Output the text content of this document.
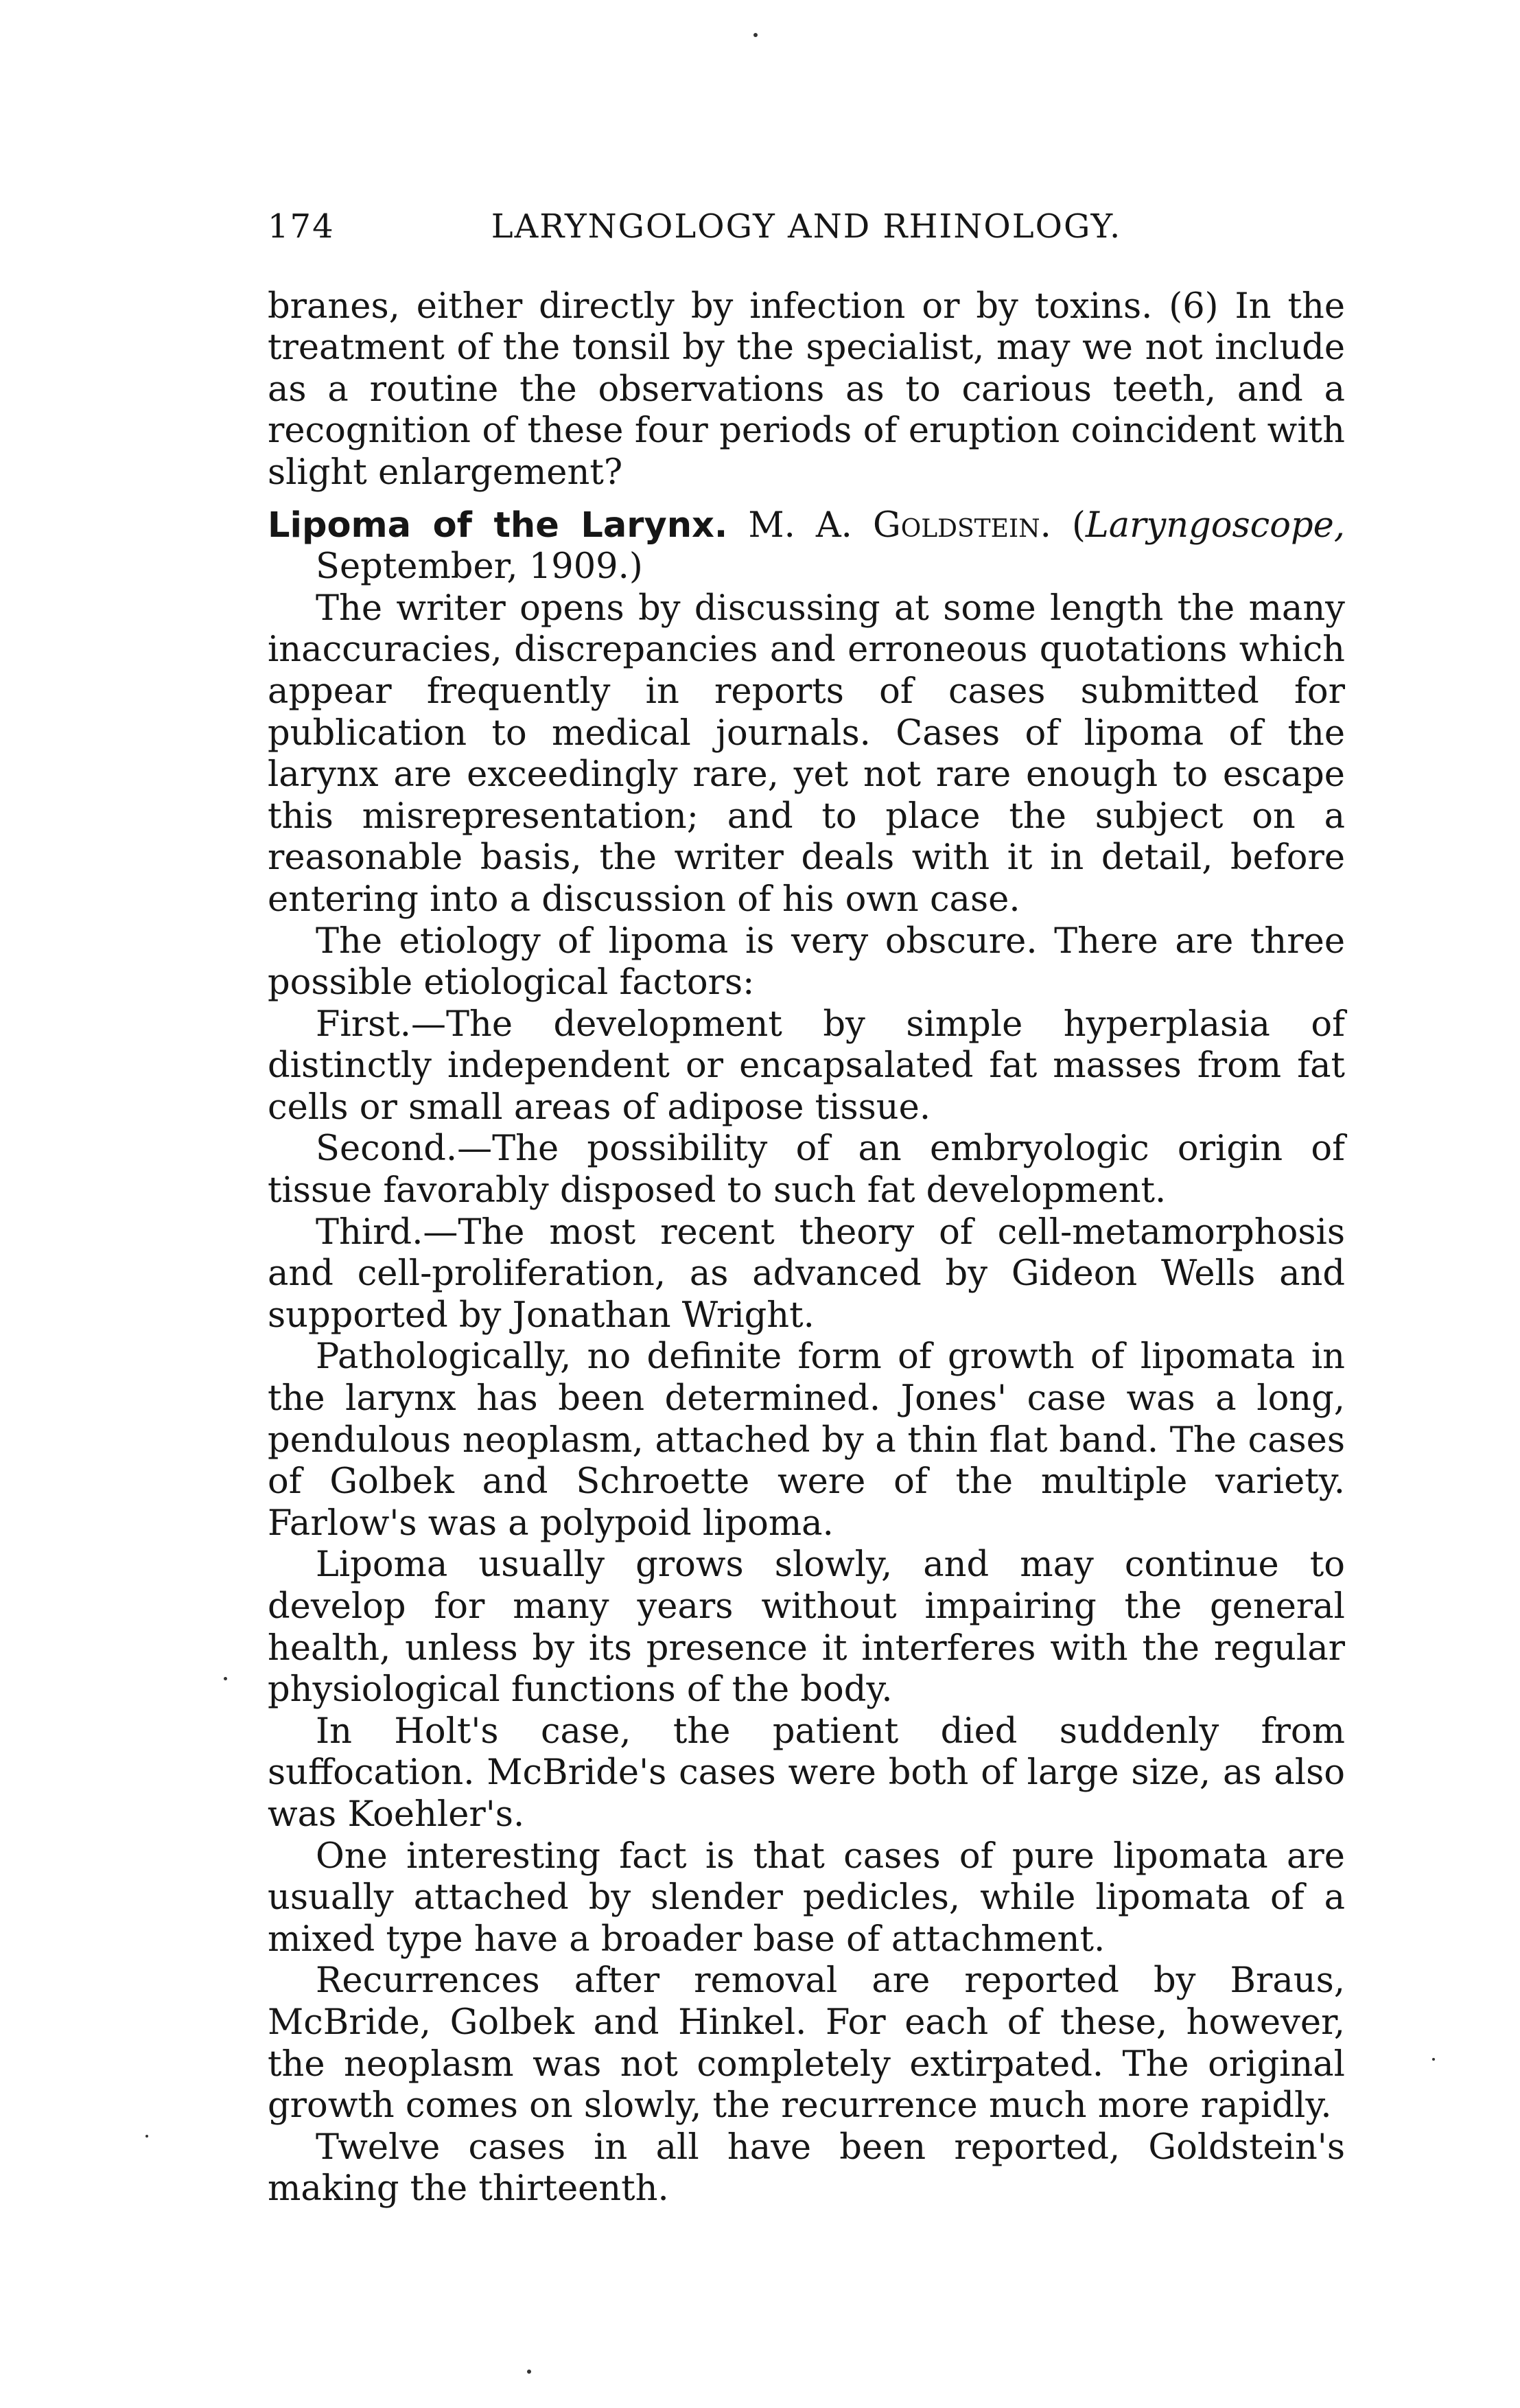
174	LARYNGOLOGY AND RHINOLOGY.

branes, either directly by infection or by toxins. (6) In the treatment of the tonsil by the specialist, may we not include as a routine the observations as to carious teeth, and a recognition of these four periods of eruption coincident with slight enlargement?

Lipoma of the Larynx. M. A. Goldstein. (Laryngoscope, September, 1909.)

The writer opens by discussing at some length the many inaccuracies, discrepancies and erroneous quotations which appear frequently in reports of cases submitted for publication to medical journals. Cases of lipoma of the larynx are exceedingly rare, yet not rare enough to escape this misrepresentation; and to place the subject on a reasonable basis, the writer deals with it in detail, before entering into a discussion of his own case.

The etiology of lipoma is very obscure. There are three possible etiological factors:

First.—The development by simple hyperplasia of distinctly independent or encapsalated fat masses from fat cells or small areas of adipose tissue.

Second.—The possibility of an embryologic origin of tissue favorably disposed to such fat development.

Third.—The most recent theory of cell-metamorphosis and cell-proliferation, as advanced by Gideon Wells and supported by Jonathan Wright.

Pathologically, no definite form of growth of lipomata in the larynx has been determined. Jones' case was a long, pendulous neoplasm, attached by a thin flat band. The cases of Golbek and Schroette were of the multiple variety. Farlow's was a polypoid lipoma.

Lipoma usually grows slowly, and may continue to develop for many years without impairing the general health, unless by its presence it interferes with the regular physiological functions of the body.

In Holt's case, the patient died suddenly from suffocation. McBride's cases were both of large size, as also was Koehler's.

One interesting fact is that cases of pure lipomata are usually attached by slender pedicles, while lipomata of a mixed type have a broader base of attachment.

Recurrences after removal are reported by Braus, McBride, Golbek and Hinkel. For each of these, however, the neoplasm was not completely extirpated. The original growth comes on slowly, the recurrence much more rapidly.

Twelve cases in all have been reported, Goldstein's making the thirteenth.
